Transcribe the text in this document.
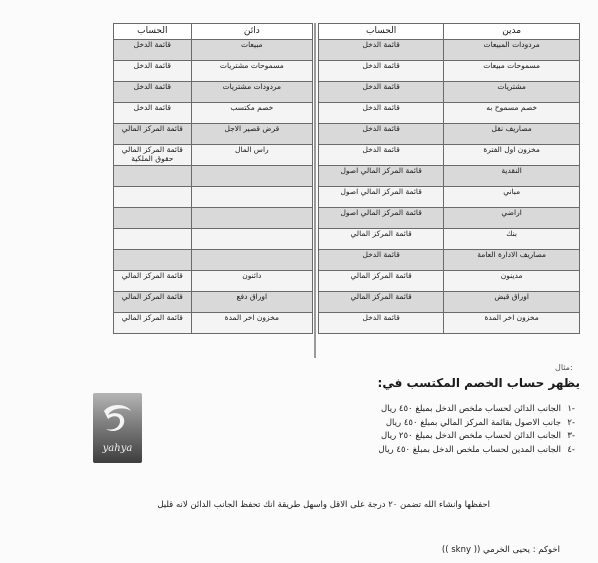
مدين	الحساب
مردودات المبيعات	قائمة الدخل
مسموحات مبيعات	قائمة الدخل
مشتريات	قائمة الدخل
خصم مسموح به	قائمة الدخل
مصاريف نقل	قائمة الدخل
مخزون اول الفترة	قائمة الدخل
النقدية	قائمة المركز المالي اصول
مباني	قائمة المركز المالي اصول
اراضي	قائمة المركز المالي اصول
بنك	قائمة المركز المالي
مصاريف الادارة العامة	قائمة الدخل
مدينون	قائمة المركز المالي
اوراق قبض	قائمة المركز المالي
مخزون اخر المدة	قائمة الدخل
دائن	الحساب
مبيعات	قائمة الدخل
مسموحات مشتريات	قائمة الدخل
مردودات مشتريات	قائمة الدخل
خصم مكتسب	قائمة الدخل
قرض قصير الاجل	قائمة المركز المالي
راس المال	قائمة المركز المالي حقوق الملكية

دائنون	قائمة المركز المالي
اوراق دفع	قائمة المركز المالي
مخزون اخر المدة	قائمة المركز المالي
مثال:
يظهر حساب الخصم المكتسب في:
-١الجانب الدائن لحساب ملخص الدخل بمبلغ ٤٥٠ ريال
-٢جانب الاصول بقائمة المركز المالي بمبلغ ٤٥٠ ريال
-٣الجانب الدائن لحساب ملخص الدخل بمبلغ ٢٥٠ ريال
-٤الجانب المدين لحساب ملخص الدخل بمبلغ ٤٥٠ ريال
yahya
احفظها وانشاء الله تضمن ٢٠ درجة على الاقل واسهل طريقة انك تحفظ الجانب الدائن لانه قليل
اخوكم : يحيى الخرمي (( skny ))
